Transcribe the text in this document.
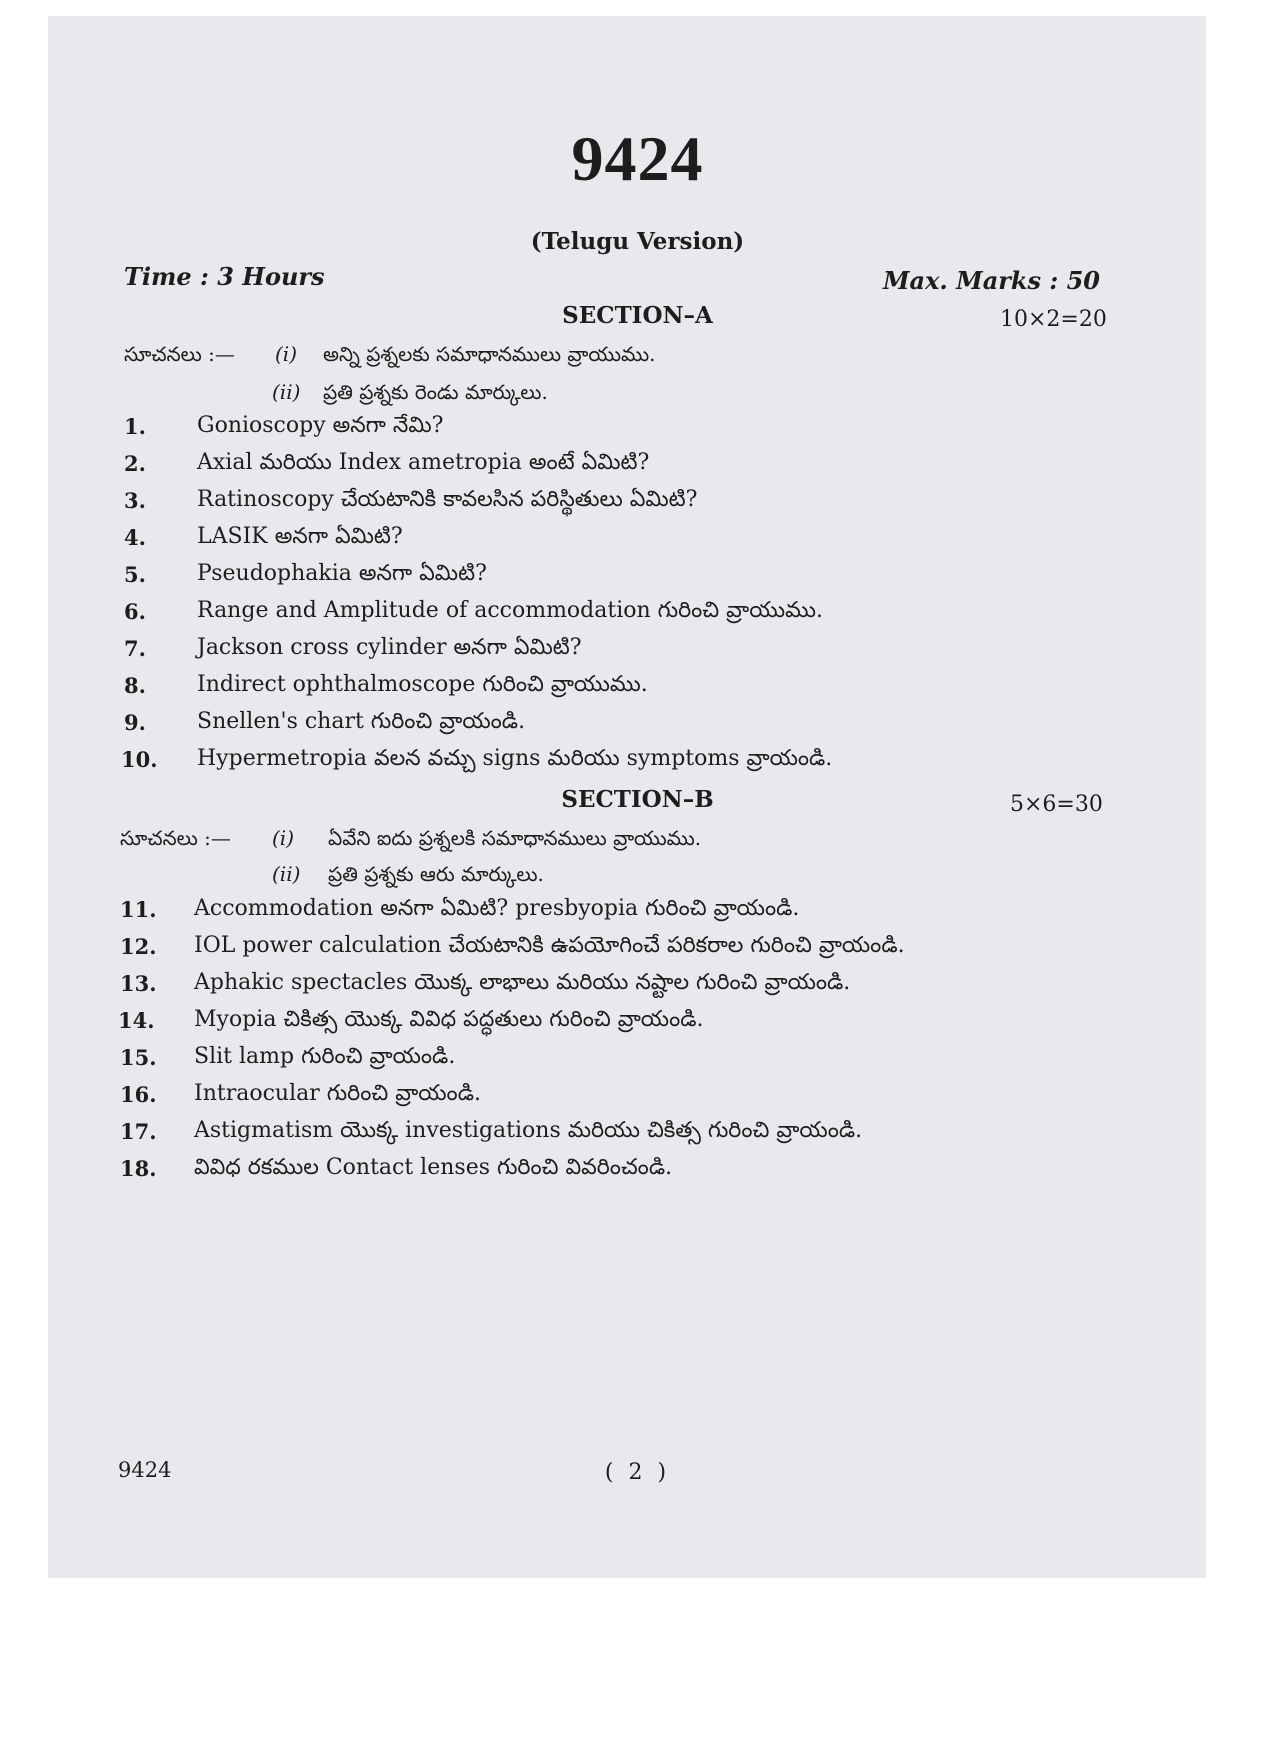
9424
(Telugu Version)
Time : 3 Hours	Max. Marks : 50
SECTION–A	10×2=20
సూచనలు :— (i) అన్ని ప్రశ్నలకు సమాధానములు వ్రాయుము.
(ii) ప్రతి ప్రశ్నకు రెండు మార్కులు.
1. Gonioscopy అనగా నేమి?
2. Axial మరియు Index ametropia అంటే ఏమిటి?
3. Ratinoscopy చేయటానికి కావలసిన పరిస్థితులు ఏమిటి?
4. LASIK అనగా ఏమిటి?
5. Pseudophakia అనగా ఏమిటి?
6. Range and Amplitude of accommodation గురించి వ్రాయుము.
7. Jackson cross cylinder అనగా ఏమిటి?
8. Indirect ophthalmoscope గురించి వ్రాయుము.
9. Snellen's chart గురించి వ్రాయండి.
10. Hypermetropia వలన వచ్చు signs మరియు symptoms వ్రాయండి.
SECTION–B	5×6=30
సూచనలు :— (i) ఏవేని ఐదు ప్రశ్నలకి సమాధానములు వ్రాయుము.
(ii) ప్రతి ప్రశ్నకు ఆరు మార్కులు.
11. Accommodation అనగా ఏమిటి? presbyopia గురించి వ్రాయండి.
12. IOL power calculation చేయటానికి ఉపయోగించే పరికరాల గురించి వ్రాయండి.
13. Aphakic spectacles యొక్క లాభాలు మరియు నష్టాల గురించి వ్రాయండి.
14. Myopia చికిత్స యొక్క వివిధ పద్ధతులు గురించి వ్రాయండి.
15. Slit lamp గురించి వ్రాయండి.
16. Intraocular గురించి వ్రాయండి.
17. Astigmatism యొక్క investigations మరియు చికిత్స గురించి వ్రాయండి.
18. వివిధ రకముల Contact lenses గురించి వివరించండి.
9424	( 2 )
